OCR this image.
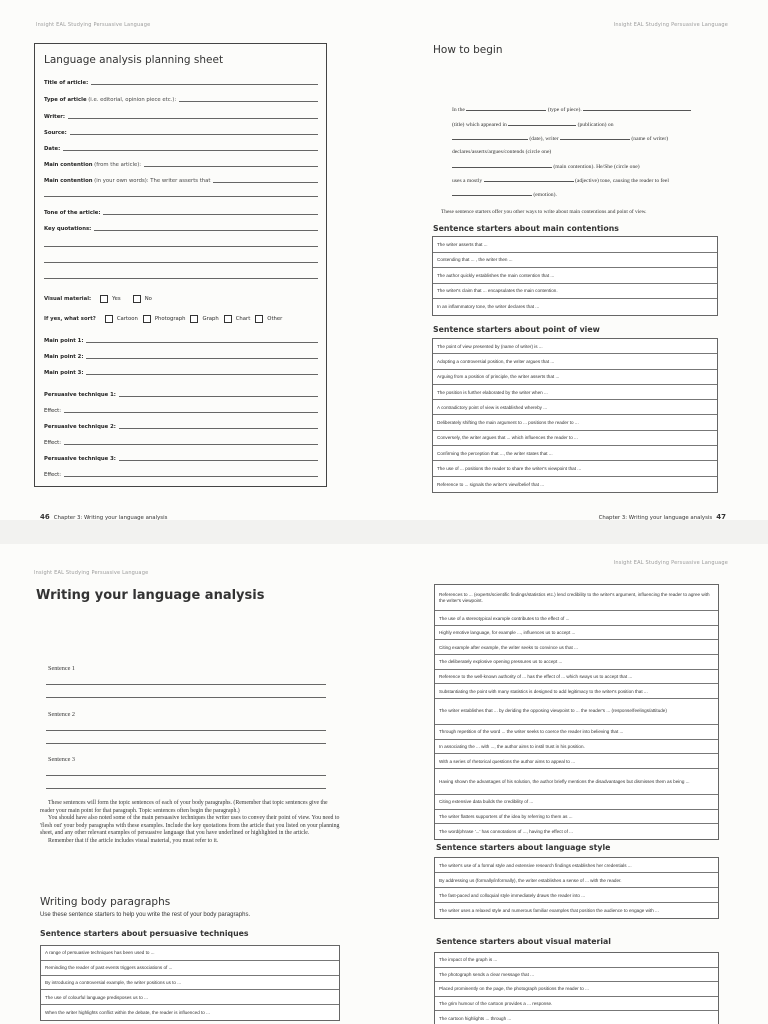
Insight EAL Studying Persuasive Language
Language analysis planning sheet
Title of article:
Type of article
(i.e. editorial, opinion piece etc.):
Writer:
Source:
Date:
Main contention
(from the article):
Main contention
(in your own words):
The writer asserts that
Tone of the article:
Key quotations:
Visual material:	Yes	No
If yes, what sort?	Cartoon	Photograph	Graph	Chart	Other
Main point 1:
Main point 2:
Main point 3:
Persuasive technique 1:
Effect:
Persuasive technique 2:
Effect:
Persuasive technique 3:
Effect:
46 Chapter 3: Writing your language analysis
Insight EAL Studying Persuasive Language
How to begin
In the	(type of piece).
(title) which appeared in	(publication) on
(date), writer	(name of writer)
declares/asserts/argues/contends (circle one)
(main contention). He/She (circle one)
uses a mostly	(adjective) tone, causing the reader to feel
(emotion).
These sentence starters offer you other ways to write about main contentions and point of view.
Sentence starters about main contentions
The writer asserts that ...
Contending that ... , the writer then ...
The author quickly establishes the main contention that ...
The writer's claim that ... encapsulates the main contention.
In an inflammatory tone, the writer declares that ...
Sentence starters about point of view
The point of view presented by (name of writer) is ...
Adopting a controversial position, the writer argues that ...
Arguing from a position of principle, the writer asserts that ...
The position is further elaborated by the writer when ...
A contradictory point of view is established whereby ...
Deliberately shifting the main argument to ... positions the reader to ...
Conversely, the writer argues that ... which influences the reader to ...
Confirming the perception that ..., the writer states that ...
The use of ... positions the reader to share the writer's viewpoint that ...
Reference to ... signals the writer's view/belief that ...
Chapter 3: Writing your language analysis 47
Insight EAL Studying Persuasive Language
Writing your language analysis
Sentence 1
Sentence 2
Sentence 3

These sentences will form the topic sentences of each of your body paragraphs. (Remember that topic sentences give the reader your main point for that paragraph. Topic sentences often begin the paragraph.)

You should have also noted some of the main persuasive techniques the writer uses to convey their point of view. You need to 'flesh out' your body paragraphs with these examples. Include the key quotations from the article that you listed on your planning sheet, and any other relevant examples of persuasive language that you have underlined or highlighted in the article.

Remember that if the article includes visual material, you must refer to it.

Writing body paragraphs
Use these sentence starters to help you write the rest of your body paragraphs.
Sentence starters about persuasive techniques
A range of persuasive techniques has been used to ...
Reminding the reader of past events triggers associations of ...
By introducing a controversial example, the writer positions us to ...
The use of colourful language predisposes us to ...
When the writer highlights conflict within the debate, the reader is influenced to ...
Insight EAL Studying Persuasive Language
References to ... (experts/scientific findings/statistics etc.) lend credibility to the writer's argument, influencing the reader to agree with the writer's viewpoint.
The use of a stereotypical example contributes to the effect of ...
Highly emotive language, for example ..., influences us to accept ...
Citing example after example, the writer seeks to convince us that ...
The deliberately explosive opening pressures us to accept ...
Reference to the well-known authority of ... has the effect of ... which sways us to accept that ...
Substantiating the point with many statistics is designed to add legitimacy to the writer's position that ...
The writer establishes that ... by deriding the opposing viewpoint to ... the reader's ... (response/feelings/attitude)
Through repetition of the word ... the writer seeks to coerce the reader into believing that ...
In associating the ... with ..., the author aims to instil trust in his position.
With a series of rhetorical questions the author aims to appeal to ...
Having shown the advantages of his solution, the author briefly mentions the disadvantages but dismisses them as being ...
Citing extensive data builds the credibility of ...
The writer flatters supporters of the idea by referring to them as ...
The word/phrase '...' has connotations of ..., having the effect of ...
Sentence starters about language style
The writer's use of a formal style and extensive research findings establishes her credentials ...
By addressing us (formally/informally), the writer establishes a sense of ... with the reader.
The fast-paced and colloquial style immediately draws the reader into ...
The writer uses a relaxed style and numerous familiar examples that position the audience to engage with ...
Sentence starters about visual material
The impact of the graph is ...
The photograph sends a clear message that ...
Placed prominently on the page, the photograph positions the reader to ...
The grim humour of the cartoon provides a ... response.
The cartoon highlights ... through ...
